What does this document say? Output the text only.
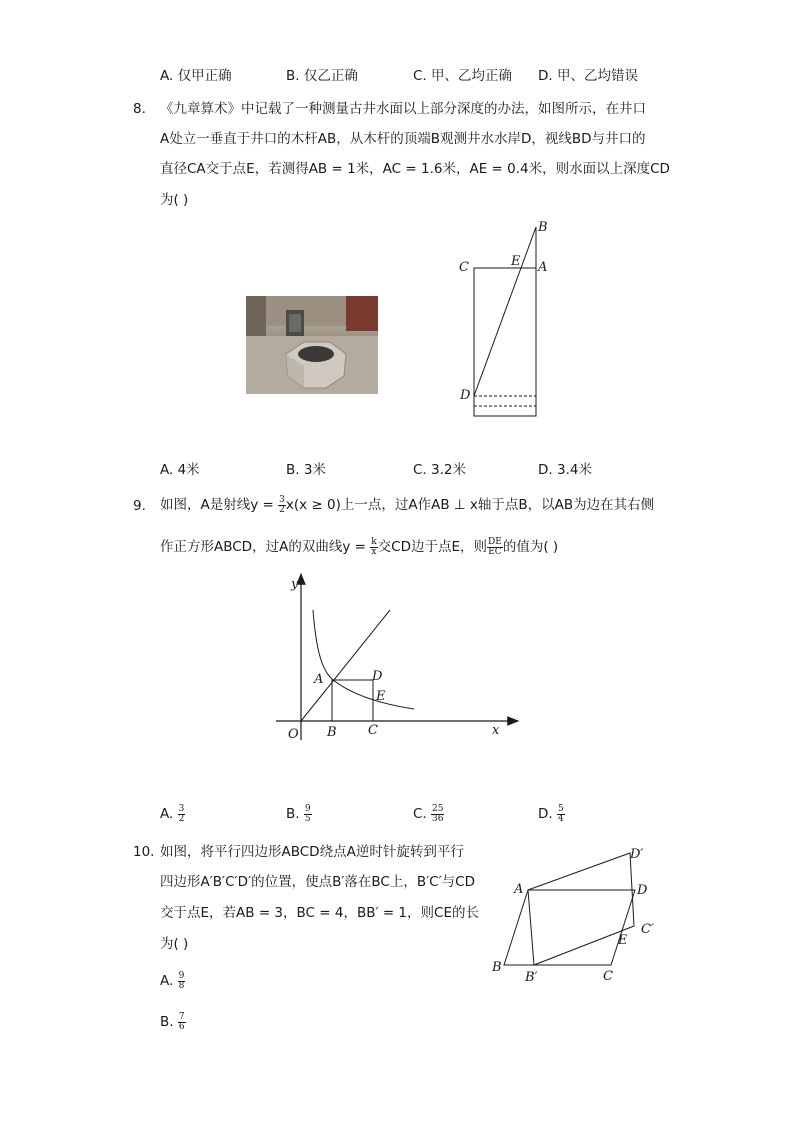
A. 仅甲正确	B. 仅乙正确	C. 甲、乙均正确 D. 甲、乙均错误
8. 《九章算术》中记载了一种测量古井水面以上部分深度的办法，如图所示，在井口
A处立一垂直于井口的木杆AB，从木杆的顶端B观测井水水岸D，视线BD与井口的
直径CA交于点E，若测得AB = 1米，AC = 1.6米，AE = 0.4米，则水面以上深度CD
为( )
B
C	E A
D
A. 4米	B. 3米	C. 3.2米	D. 3.4米
9. 如图，A是射线$y = \frac{3}{2} x(x \ge 0)$上一点，过A作AB ⊥ x轴于点B，以AB为边在其右侧
作正方形ABCD，过A的双曲线$y = \frac{k}{x}$ 交CD边于点E，则 $\frac{DE}{EC}$ 的值为( )
y
x
O
A
B C
D
E
A. $\frac{3}{2}$	B. $\frac{9}{5}$	C. $\frac{25}{36}$	D. $\frac{5}{4}$
10. 如图，将平行四边形ABCD绕点A逆时针旋转到平行
四边形A′B′C′D′的位置，使点B′落在BC上，B′C′与CD
交于点E，若AB = 3，BC = 4，BB′ = 1，则CE的长
为( )
A. $\frac{9}{8}$
B. $\frac{7}{6}$
A
B
B′	C
D
D′
C′
E
